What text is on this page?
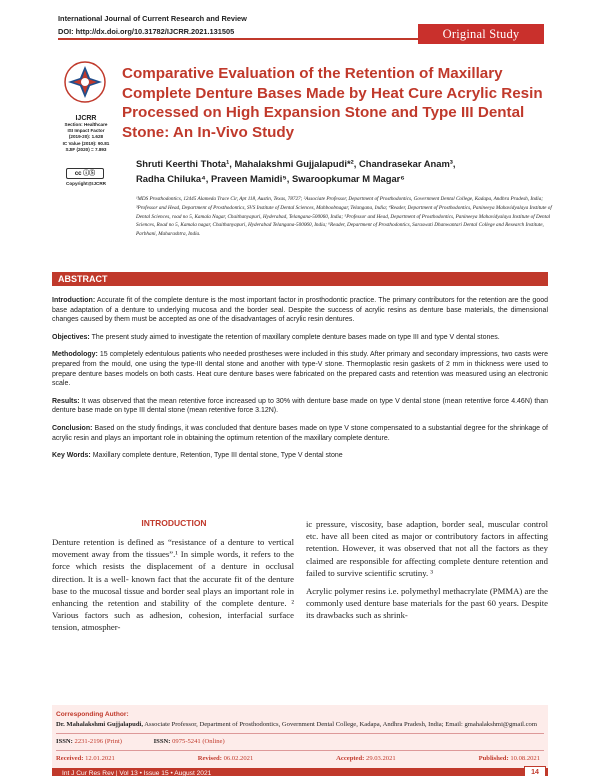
International Journal of Current Research and Review
DOI: http://dx.doi.org/10.31782/IJCRR.2021.131505	Original Study
IJCRR
Section: Healthcare
ISI Impact Factor
(2019-20): 1.628
IC Value (2019): 90.81
SJIF (2020) = 7.893
cc ⓘ⑤
Copyright@IJCRR
Comparative Evaluation of the Retention of Maxillary Complete Denture Bases Made by Heat Cure Acrylic Resin Processed on High Expansion Stone and Type III Dental Stone: An In-Vivo Study
Shruti Keerthi Thota¹, Mahalakshmi Gujjalapudi*², Chandrasekar Anam³,
Radha Chiluka⁴, Praveen Mamidi⁵, Swaroopkumar M Magar⁶
¹MDS Prosthodontics, 12445 Alameda Trace Cir, Apt 118, Austin, Texas, 78727; ²Associate Professor, Department of Prosthodontics, Government Dental College, Kadapa, Andhra Pradesh, India; ³Professor and Head, Department of Prosthodontics, SVS Institute of Dental Sciences, Mahboobnagar, Telangana, India; ⁴Reader, Department of Prosthodontics, Panineeya Mahavidyalaya Institute of Dental Sciences, road no 5, Kamala Nagar, Chaithanyapuri, Hyderabad, Telangana-500060, India; ⁵Professor and Head, Department of Prosthodontics, Panineeya Mahavidyalaya Institute of Dental Sciences, Road no 5, Kamala nagar, Chaithanyapuri, Hyderabad Telangana-500060, India; ⁶Reader, Department of Prosthodontics, Saraswati Dhanwantari Dental College and Research Institute, Parbhani, Maharashtra, India.
ABSTRACT

Introduction: Accurate fit of the complete denture is the most important factor in prosthodontic practice. The primary contributors for the retention are the good base adaptation of a denture to underlying mucosa and the border seal. Despite the success of acrylic resins as denture base materials, the dimensional changes caused by them must be accepted as one of the disadvantages of acrylic resin dentures.

Objectives: The present study aimed to investigate the retention of maxillary complete denture bases made on type III and type V dental stones.

Methodology: 15 completely edentulous patients who needed prostheses were included in this study. After primary and secondary impressions, two casts were prepared from the mould, one using the type-III dental stone and another with type-V stone. Thermoplastic resin gaskets of 2 mm in thickness were used to prepare denture bases models on both casts. Heat cure denture bases were fabricated on the prepared casts and retention was measured using an electronic scale.

Results: It was observed that the mean retentive force increased up to 30% with denture base made on type V dental stone (mean retentive force 4.46N) than denture base made on type III dental stone (mean retentive force 3.12N).

Conclusion: Based on the study findings, it was concluded that denture bases made on type V stone compensated to a substantial degree for the shrinkage of acrylic resin and plays an important role in obtaining the optimum retention of the maxillary complete denture.

Key Words: Maxillary complete denture, Retention, Type III dental stone, Type V dental stone

INTRODUCTION
Denture retention is defined as “resistance of a denture to vertical movement away from the tissues”.¹ In simple words, it refers to the force which resists the displacement of a denture in occlusal direction. It is a well- known fact that the accurate fit of the denture base to the mucosal tissue and border seal plays an important role in enhancing the retention and stability of the complete denture. ² Various factors such as adhesion, cohesion, interfacial surface tension, atmospher-

ic pressure, viscosity, base adaption, border seal, muscular control etc. have all been cited as major or contributory factors in affecting retention. However, it was observed that not all the factors as they claimed are responsible for affecting complete denture retention and failed to survive scientific scrutiny. ³

Acrylic polymer resins i.e. polymethyl methacrylate (PMMA) are the commonly used denture base materials for the past 60 years. Despite its drawbacks such as shrink-

Corresponding Author:
Dr. Mahalakshmi Gujjalapudi, Associate Professor, Department of Prosthodontics, Government Dental College, Kadapa, Andhra Pradesh, India; Email: gmahalakshmi@gmail.com
ISSN: 2231-2196 (Print)	ISSN: 0975-5241 (Online)
Received: 12.01.2021	Revised: 06.02.2021	Accepted: 29.03.2021	Published: 10.08.2021
Int J Cur Res Rev | Vol 13 • Issue 15 • August 2021	14
